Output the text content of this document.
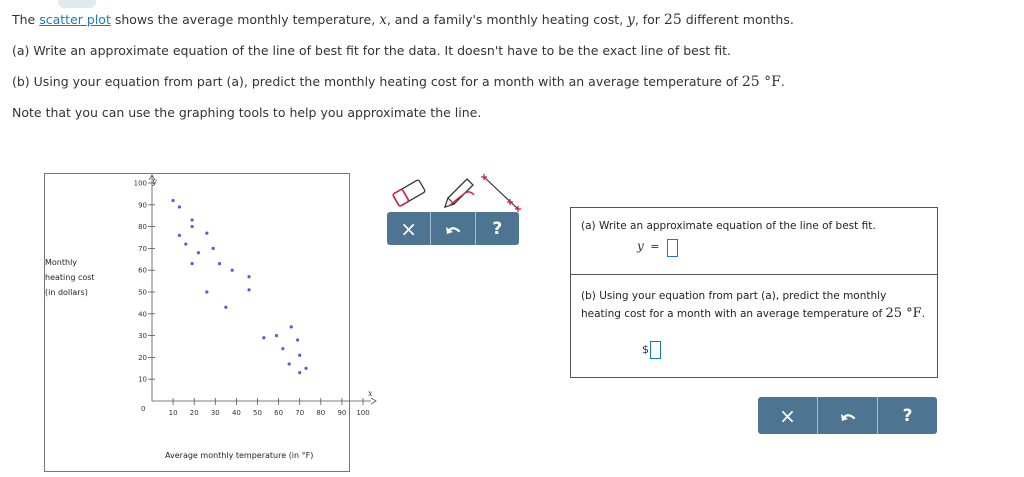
The scatter plot shows the average monthly temperature, x, and a family's monthly heating cost, y, for 25 different months.
(a) Write an approximate equation of the line of best fit for the data. It doesn't have to be the exact line of best fit.
(b) Using your equation from part (a), predict the monthly heating cost for a month with an average temperature of 25 °F.
Note that you can use the graphing tools to help you approximate the line.
10
20
30
40
50
60
70
80
90
100
10 20 30 40 50 60 70 80 90 100
y
x
0
Monthly
heating cost
(in dollars)
Average monthly temperature (in °F)
×	?	(a) Write an approximate equation of the line of best fit.
y =
(b) Using your equation from part (a), predict the monthly
heating cost for a month with an average temperature of 25 °F.
$
×	?
